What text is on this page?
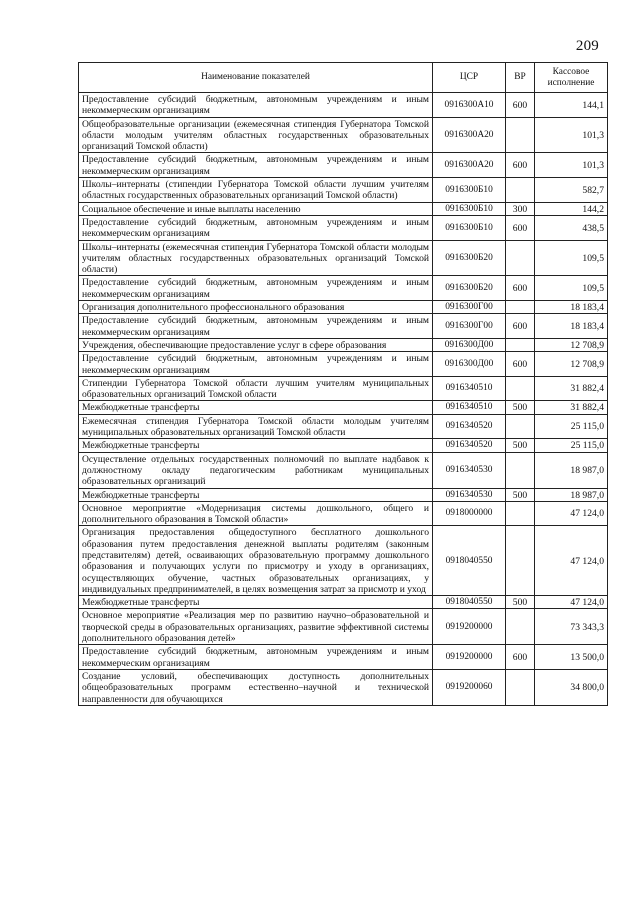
209
Наименование показателей	ЦСР	ВР	Кассовое исполнение
Предоставление субсидий бюджетным, автономным учреждениям и иным некоммерческим организациям	0916300А10	600	144,1
Общеобразовательные организации (ежемесячная стипендия Губернатора Томской области молодым учителям областных государственных образовательных организаций Томской области)	0916300А20		101,3
Предоставление субсидий бюджетным, автономным учреждениям и иным некоммерческим организациям	0916300А20	600	101,3
Школы–интернаты (стипендии Губернатора Томской области лучшим учителям областных государственных образовательных организаций Томской области)	0916300Б10		582,7
Социальное обеспечение и иные выплаты населению	0916300Б10	300	144,2
Предоставление субсидий бюджетным, автономным учреждениям и иным некоммерческим организациям	0916300Б10	600	438,5
Школы–интернаты (ежемесячная стипендия Губернатора Томской области молодым учителям областных государственных образовательных организаций Томской области)	0916300Б20		109,5
Предоставление субсидий бюджетным, автономным учреждениям и иным некоммерческим организациям	0916300Б20	600	109,5
Организация дополнительного профессионального образования	0916300Г00		18 183,4
Предоставление субсидий бюджетным, автономным учреждениям и иным некоммерческим организациям	0916300Г00	600	18 183,4
Учреждения, обеспечивающие предоставление услуг в сфере образования	0916300Д00		12 708,9
Предоставление субсидий бюджетным, автономным учреждениям и иным некоммерческим организациям	0916300Д00	600	12 708,9
Стипендии Губернатора Томской области лучшим учителям муниципальных образовательных организаций Томской области	0916340510		31 882,4
Межбюджетные трансферты	0916340510	500	31 882,4
Ежемесячная стипендия Губернатора Томской области молодым учителям муниципальных образовательных организаций Томской области	0916340520		25 115,0
Межбюджетные трансферты	0916340520	500	25 115,0
Осуществление отдельных государственных полномочий по выплате надбавок к должностному окладу педагогическим работникам муниципальных образовательных организаций	0916340530		18 987,0
Межбюджетные трансферты	0916340530	500	18 987,0
Основное мероприятие «Модернизация системы дошкольного, общего и дополнительного образования в Томской области»	0918000000		47 124,0
Организация предоставления общедоступного бесплатного дошкольного образования путем предоставления денежной выплаты родителям (законным представителям) детей, осваивающих образовательную программу дошкольного образования и получающих услуги по присмотру и уходу в организациях, осуществляющих обучение, частных образовательных организациях, у индивидуальных предпринимателей, в целях возмещения затрат за присмотр и уход	0918040550		47 124,0
Межбюджетные трансферты	0918040550	500	47 124,0
Основное мероприятие «Реализация мер по развитию научно–образовательной и творческой среды в образовательных организациях, развитие эффективной системы дополнительного образования детей»	0919200000		73 343,3
Предоставление субсидий бюджетным, автономным учреждениям и иным некоммерческим организациям	0919200000	600	13 500,0
Создание условий, обеспечивающих доступность дополнительных общеобразовательных программ естественно–научной и технической направленности для обучающихся	0919200060		34 800,0
